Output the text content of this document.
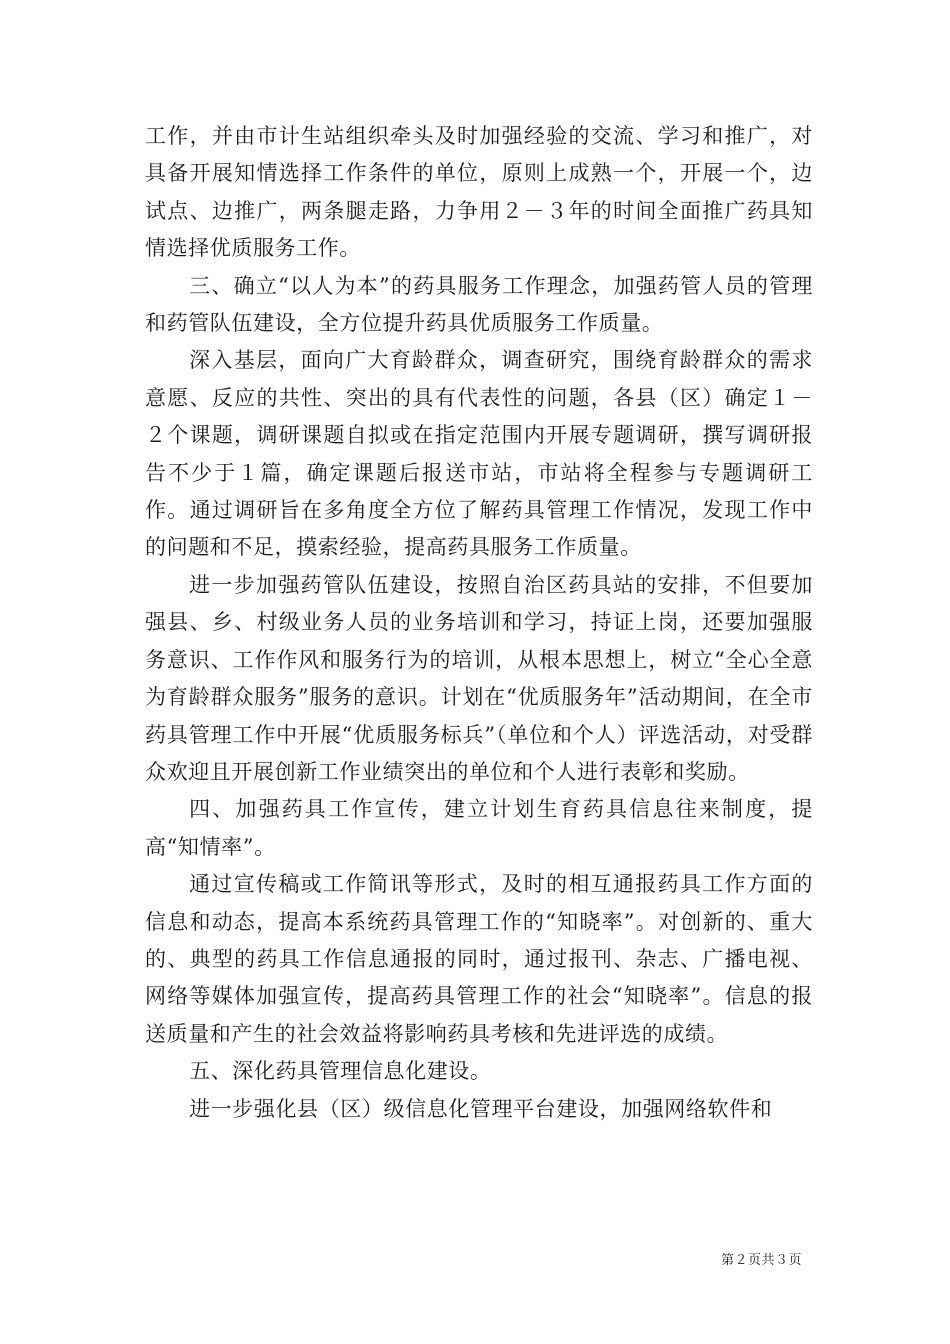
工作，并由市计生站组织牵头及时加强经验的交流、学习和推广，对具备开展知情选择工作条件的单位，原则上成熟一个，开展一个，边试点、边推广，两条腿走路，力争用２－３年的时间全面推广药具知情选择优质服务工作。

三、确立“以人为本”的药具服务工作理念，加强药管人员的管理和药管队伍建设，全方位提升药具优质服务工作质量。

深入基层，面向广大育龄群众，调查研究，围绕育龄群众的需求意愿、反应的共性、突出的具有代表性的问题，各县（区）确定１－２个课题，调研课题自拟或在指定范围内开展专题调研，撰写调研报告不少于１篇，确定课题后报送市站，市站将全程参与专题调研工作。通过调研旨在多角度全方位了解药具管理工作情况，发现工作中的问题和不足，摸索经验，提高药具服务工作质量。

进一步加强药管队伍建设，按照自治区药具站的安排，不但要加强县、乡、村级业务人员的业务培训和学习，持证上岗，还要加强服务意识、工作作风和服务行为的培训，从根本思想上，树立“全心全意为育龄群众服务”服务的意识。计划在“优质服务年”活动期间，在全市药具管理工作中开展“优质服务标兵”（单位和个人）评选活动，对受群众欢迎且开展创新工作业绩突出的单位和个人进行表彰和奖励。

四、加强药具工作宣传，建立计划生育药具信息往来制度，提高“知情率”。

通过宣传稿或工作简讯等形式，及时的相互通报药具工作方面的信息和动态，提高本系统药具管理工作的“知晓率”。对创新的、重大的、典型的药具工作信息通报的同时，通过报刊、杂志、广播电视、网络等媒体加强宣传，提高药具管理工作的社会“知晓率”。信息的报送质量和产生的社会效益将影响药具考核和先进评选的成绩。

五、深化药具管理信息化建设。

进一步强化县（区）级信息化管理平台建设，加强网络软件和

第２页共３页
